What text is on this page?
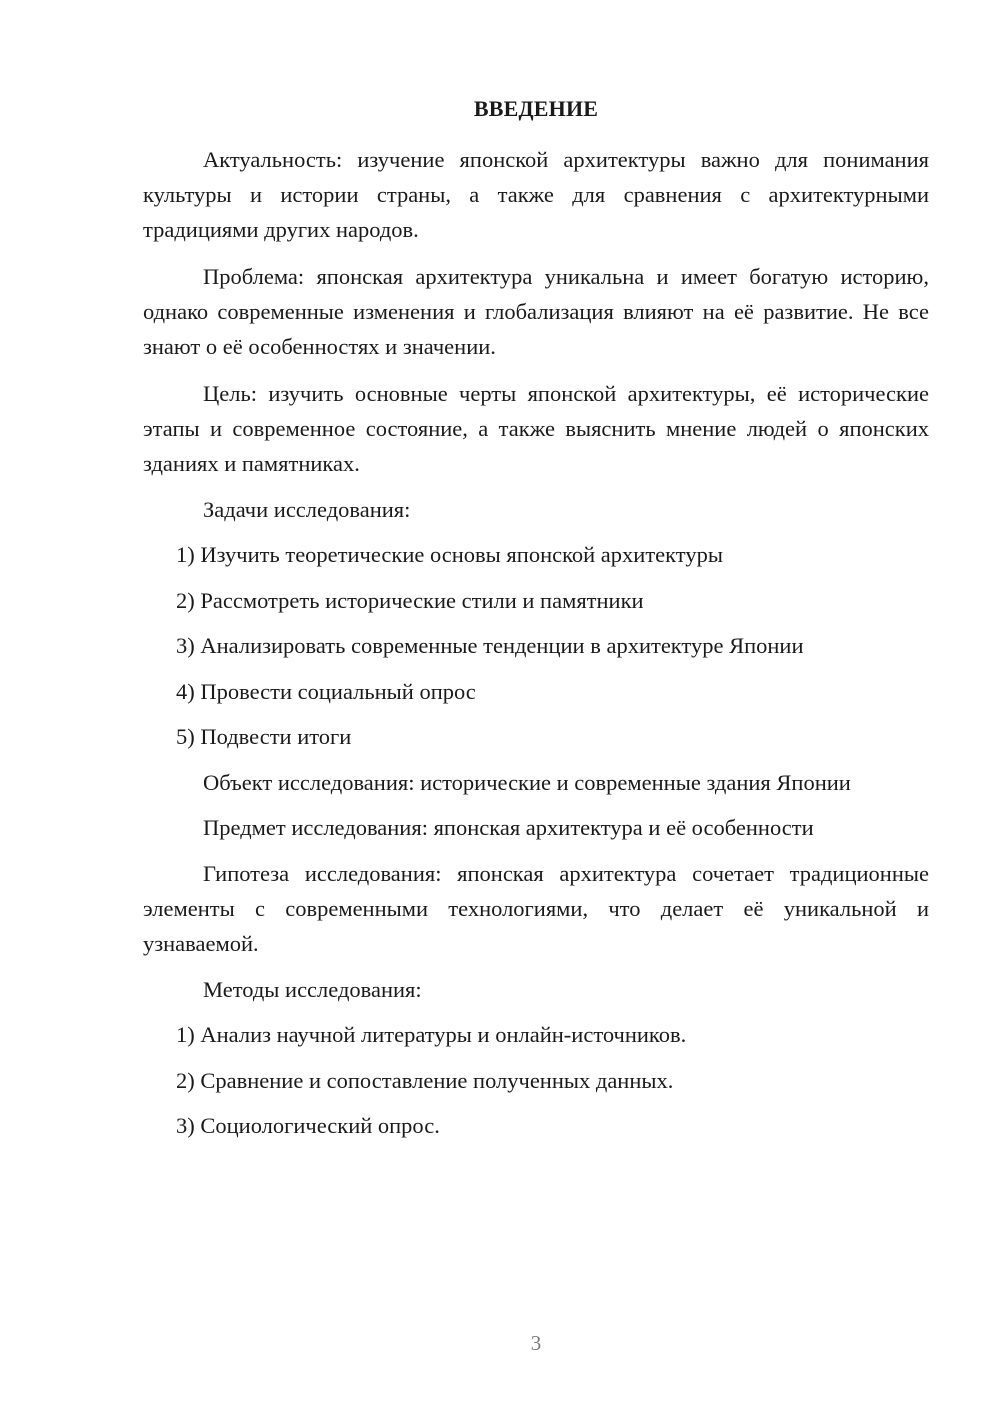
ВВЕДЕНИЕ

Актуальность: изучение японской архитектуры важно для понимания культуры и истории страны, а также для сравнения с архитектурными традициями других народов.

Проблема: японская архитектура уникальна и имеет богатую историю, однако современные изменения и глобализация влияют на её развитие. Не все знают о её особенностях и значении.

Цель: изучить основные черты японской архитектуры, её исторические этапы и современное состояние, а также выяснить мнение людей о японских зданиях и памятниках.

Задачи исследования:
1) Изучить теоретические основы японской архитектуры
2) Рассмотреть исторические стили и памятники
3) Анализировать современные тенденции в архитектуре Японии
4) Провести социальный опрос
5) Подвести итоги
Объект исследования: исторические и современные здания Японии
Предмет исследования: японская архитектура и её особенности

Гипотеза исследования: японская архитектура сочетает традиционные элементы с современными технологиями, что делает её уникальной и узнаваемой.

Методы исследования:
1) Анализ научной литературы и онлайн-источников.
2) Сравнение и сопоставление полученных данных.
3) Социологический опрос.
3
